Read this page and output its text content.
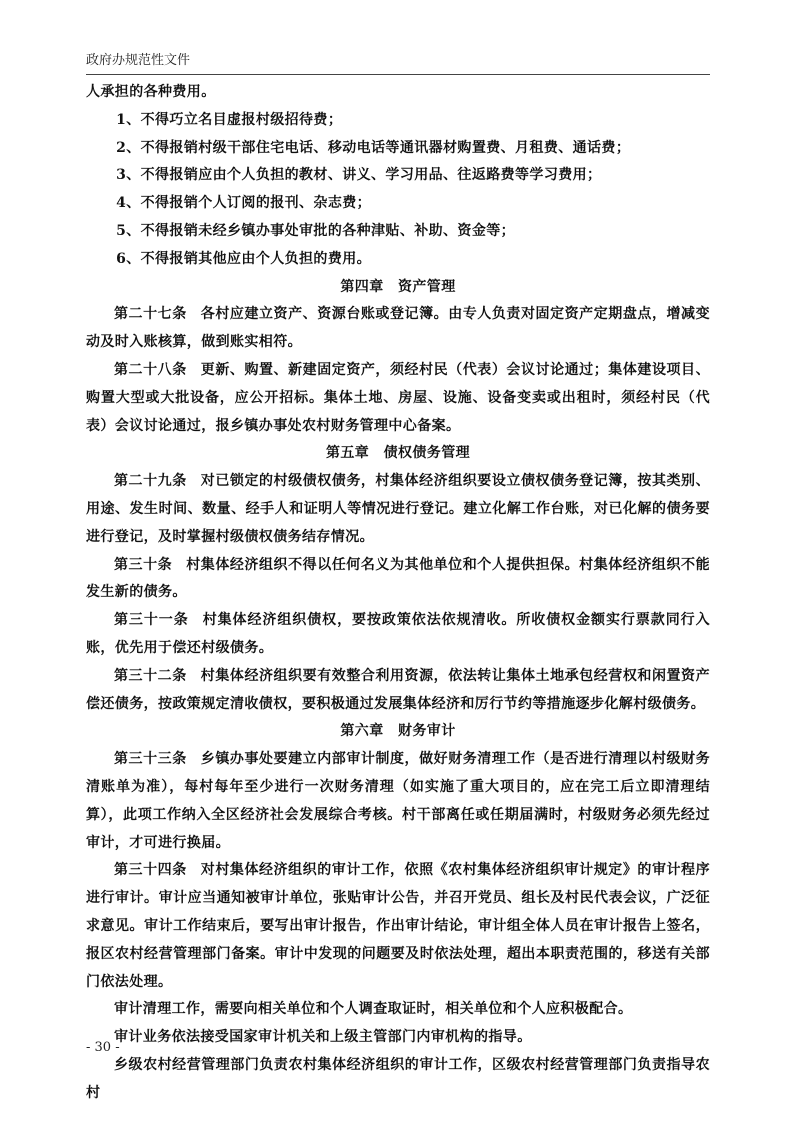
政府办规范性文件

人承担的各种费用。

1、不得巧立名目虚报村级招待费；

2、不得报销村级干部住宅电话、移动电话等通讯器材购置费、月租费、通话费；

3、不得报销应由个人负担的教材、讲义、学习用品、往返路费等学习费用；

4、不得报销个人订阅的报刊、杂志费；

5、不得报销未经乡镇办事处审批的各种津贴、补助、资金等；

6、不得报销其他应由个人负担的费用。

第四章　资产管理

第二十七条 各村应建立资产、资源台账或登记簿。由专人负责对固定资产定期盘点，增减变动及时入账核算，做到账实相符。

第二十八条 更新、购置、新建固定资产，须经村民（代表）会议讨论通过；集体建设项目、购置大型或大批设备，应公开招标。集体土地、房屋、设施、设备变卖或出租时，须经村民（代表）会议讨论通过，报乡镇办事处农村财务管理中心备案。

第五章　债权债务管理

第二十九条 对已锁定的村级债权债务，村集体经济组织要设立债权债务登记簿，按其类别、用途、发生时间、数量、经手人和证明人等情况进行登记。建立化解工作台账，对已化解的债务要进行登记，及时掌握村级债权债务结存情况。

第三十条 村集体经济组织不得以任何名义为其他单位和个人提供担保。村集体经济组织不能发生新的债务。

第三十一条 村集体经济组织债权，要按政策依法依规清收。所收债权金额实行票款同行入账，优先用于偿还村级债务。

第三十二条 村集体经济组织要有效整合利用资源，依法转让集体土地承包经营权和闲置资产偿还债务，按政策规定清收债权，要积极通过发展集体经济和厉行节约等措施逐步化解村级债务。

第六章　财务审计

第三十三条 乡镇办事处要建立内部审计制度，做好财务清理工作（是否进行清理以村级财务清账单为准），每村每年至少进行一次财务清理（如实施了重大项目的，应在完工后立即清理结算），此项工作纳入全区经济社会发展综合考核。村干部离任或任期届满时，村级财务必须先经过审计，才可进行换届。

第三十四条 对村集体经济组织的审计工作，依照《农村集体经济组织审计规定》的审计程序进行审计。审计应当通知被审计单位，张贴审计公告，并召开党员、组长及村民代表会议，广泛征求意见。审计工作结束后，要写出审计报告，作出审计结论，审计组全体人员在审计报告上签名，报区农村经营管理部门备案。审计中发现的问题要及时依法处理，超出本职责范围的，移送有关部门依法处理。

审计清理工作，需要向相关单位和个人调查取证时，相关单位和个人应积极配合。

审计业务依法接受国家审计机关和上级主管部门内审机构的指导。

乡级农村经营管理部门负责农村集体经济组织的审计工作，区级农村经营管理部门负责指导农村

- 30 -
